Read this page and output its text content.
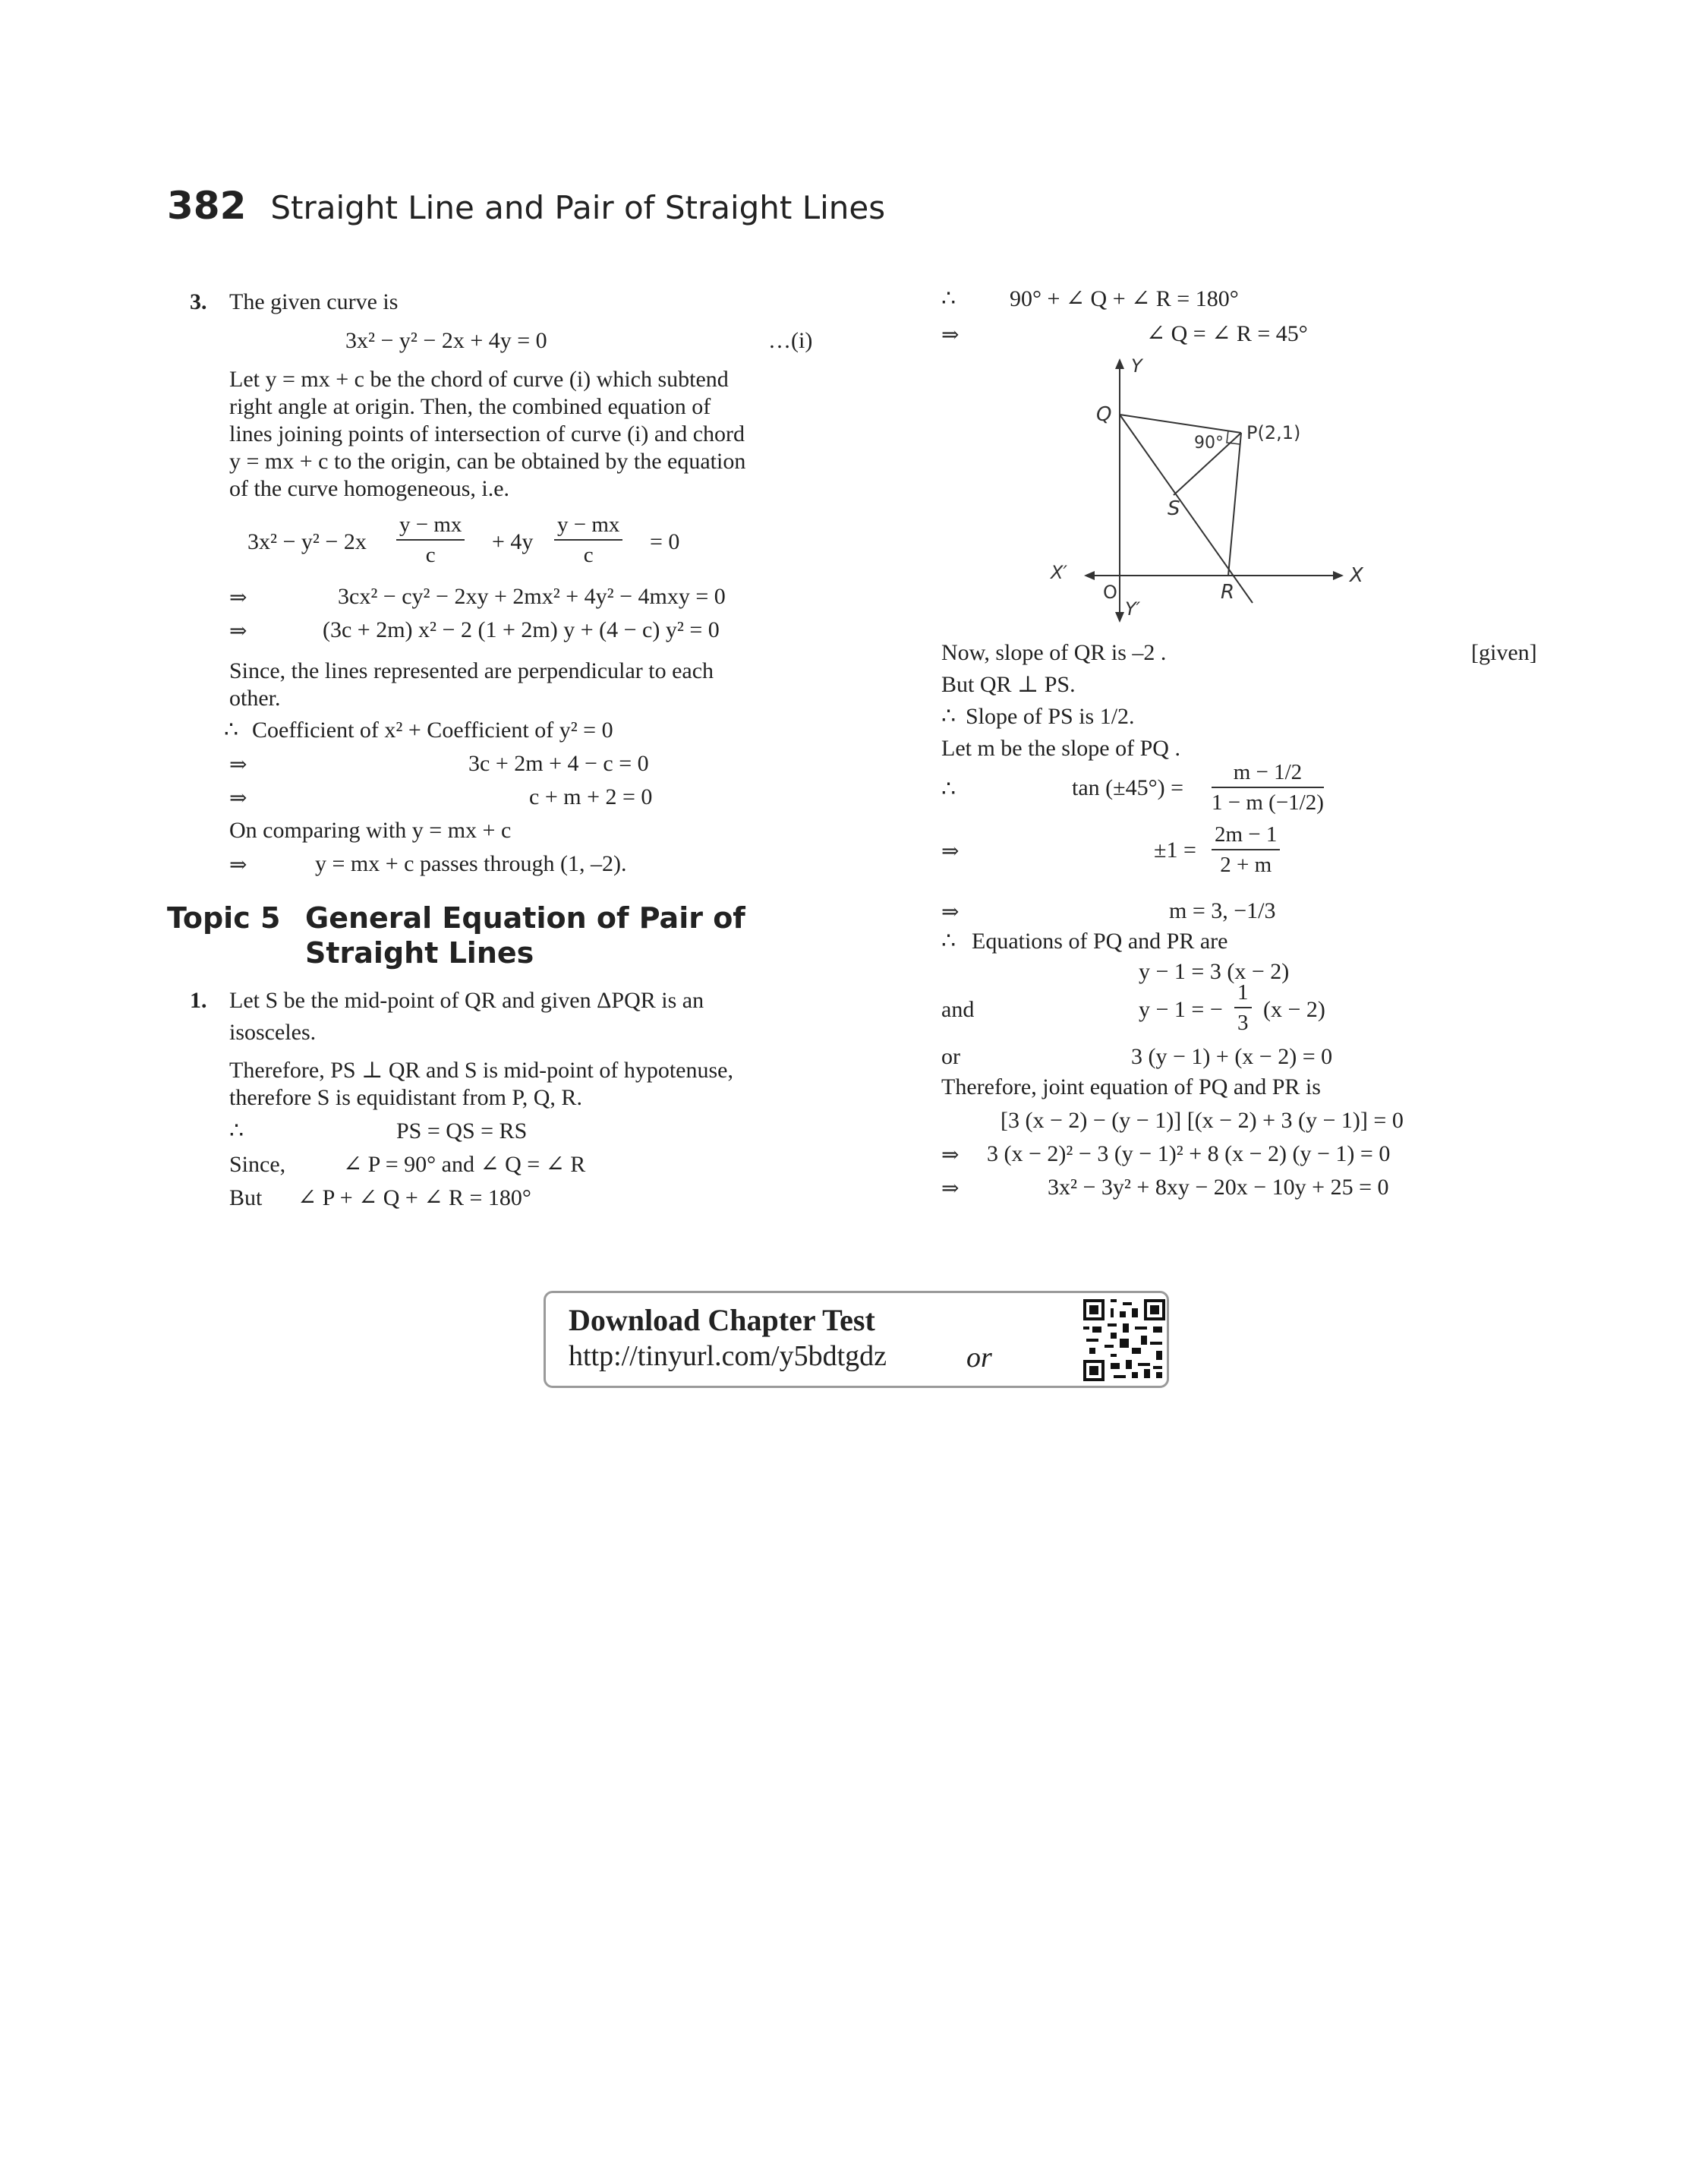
382 Straight Line and Pair of Straight Lines
3. The given curve is
3x² − y² − 2x + 4y = 0	…(i)
Let y = mx + c be the chord of curve (i) which subtend
right angle at origin. Then, the combined equation of
lines joining points of intersection of curve (i) and chord
y = mx + c to the origin, can be obtained by the equation
of the curve homogeneous, i.e.
$3x^2 - y^2 - 2x \frac{y - mx}{c} + 4y \frac{y - mx}{c} = 0$
⇒	3cx² − cy² − 2xy + 2mx² + 4y² − 4mxy = 0
⇒	(3c + 2m) x² − 2 (1 + 2m) y + (4 − c) y² = 0
Since, the lines represented are perpendicular to each
other.
∴ Coefficient of x² + Coefficient of y² = 0
⇒	3c + 2m + 4 − c = 0
⇒	c + m + 2 = 0
On comparing with y = mx + c
⇒	y = mx + c passes through (1, –2).
Topic 5 General Equation of Pair of
Straight Lines
1. Let S be the mid-point of QR and given ΔPQR is an
isosceles.
Therefore, PS ⊥ QR and S is mid-point of hypotenuse,
therefore S is equidistant from P, Q, R.
∴	PS = QS = RS
Since,	∠ P = 90° and ∠ Q = ∠ R
But ∠ P + ∠ Q + ∠ R = 180°
∴ 90° + ∠ Q + ∠ R = 180°
⇒	∠ Q = ∠ R = 45°
Y
Y′
X
X′
O
Q
P(2,1)
S
R
90°
Now, slope of QR is –2 .	[given]
But QR ⊥ PS.
∴ Slope of PS is 1/2.
Let m be the slope of PQ .
∴	$\tan (\pm 45^\circ) = \frac{m - 1/2}{1 - m (-1/2)}$
⇒	$\pm 1 = \frac{2m - 1}{2 + m}$
⇒	m = 3, −1/3
∴ Equations of PQ and PR are
y − 1 = 3 (x − 2)
and	y − 1 = − $\frac{1}{3} (x - 2)$
or	3 (y − 1) + (x − 2) = 0
Therefore, joint equation of PQ and PR is
[3 (x − 2) − (y − 1)] [(x − 2) + 3 (y − 1)] = 0
⇒ 3 (x − 2)² − 3 (y − 1)² + 8 (x − 2) (y − 1) = 0
⇒	3x² − 3y² + 8xy − 20x − 10y + 25 = 0
Download Chapter Test
http://tinyurl.com/y5bdtgdz	or
